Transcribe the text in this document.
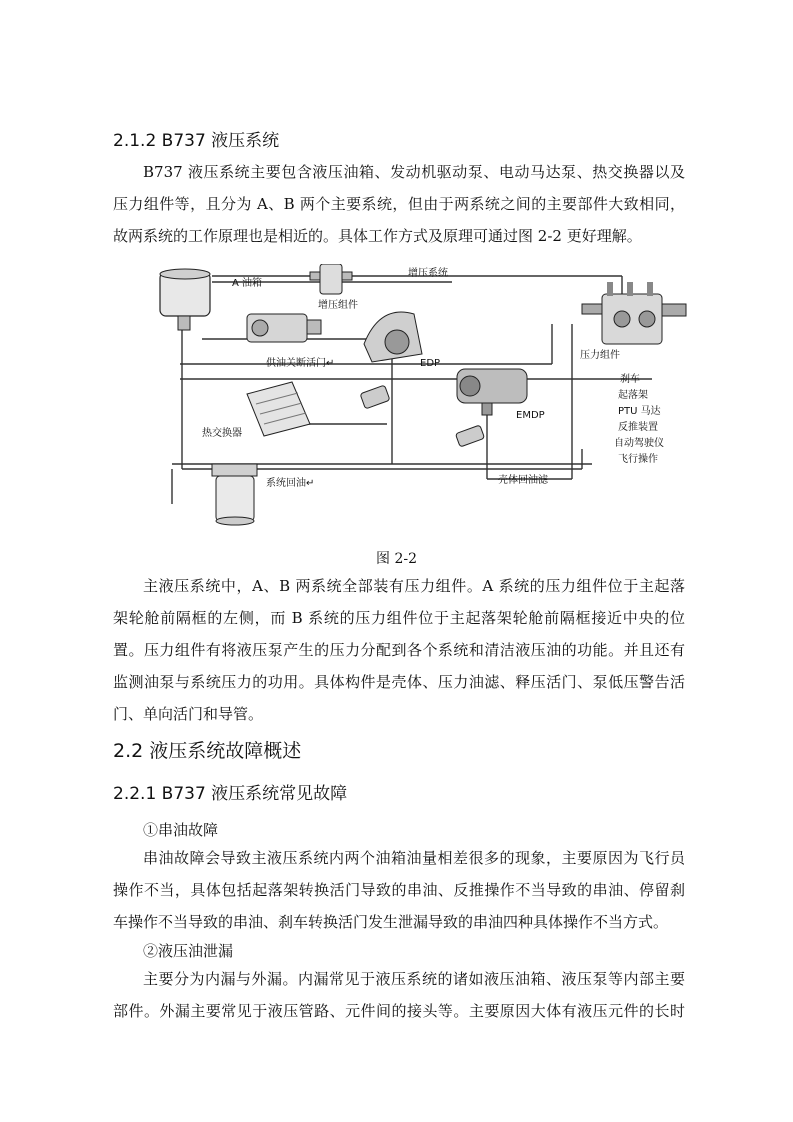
2.1.2 B737 液压系统
B737 液压系统主要包含液压油箱、发动机驱动泵、电动马达泵、热交换器以及
压力组件等，且分为 A、B 两个主要系统，但由于两系统之间的主要部件大致相同，
故两系统的工作原理也是相近的。具体工作方式及原理可通过图 2-2 更好理解。
A 油箱
增压系统
增压组件
供油关断活门↵	EDP
压力组件
EMDP
热交换器
系统回油↵	壳体回油滤
刹车
起落架
PTU 马达
反推装置
自动驾驶仪
飞行操作
图 2-2
主液压系统中，A、B 两系统全部装有压力组件。A 系统的压力组件位于主起落
架轮舱前隔框的左侧，而 B 系统的压力组件位于主起落架轮舱前隔框接近中央的位
置。压力组件有将液压泵产生的压力分配到各个系统和清洁液压油的功能。并且还有
监测油泵与系统压力的功用。具体构件是壳体、压力油滤、释压活门、泵低压警告活
门、单向活门和导管。
2.2 液压系统故障概述
2.2.1 B737 液压系统常见故障
①串油故障
串油故障会导致主液压系统内两个油箱油量相差很多的现象，主要原因为飞行员
操作不当，具体包括起落架转换活门导致的串油、反推操作不当导致的串油、停留刹
车操作不当导致的串油、刹车转换活门发生泄漏导致的串油四种具体操作不当方式。
②液压油泄漏
主要分为内漏与外漏。内漏常见于液压系统的诸如液压油箱、液压泵等内部主要
部件。外漏主要常见于液压管路、元件间的接头等。主要原因大体有液压元件的长时
